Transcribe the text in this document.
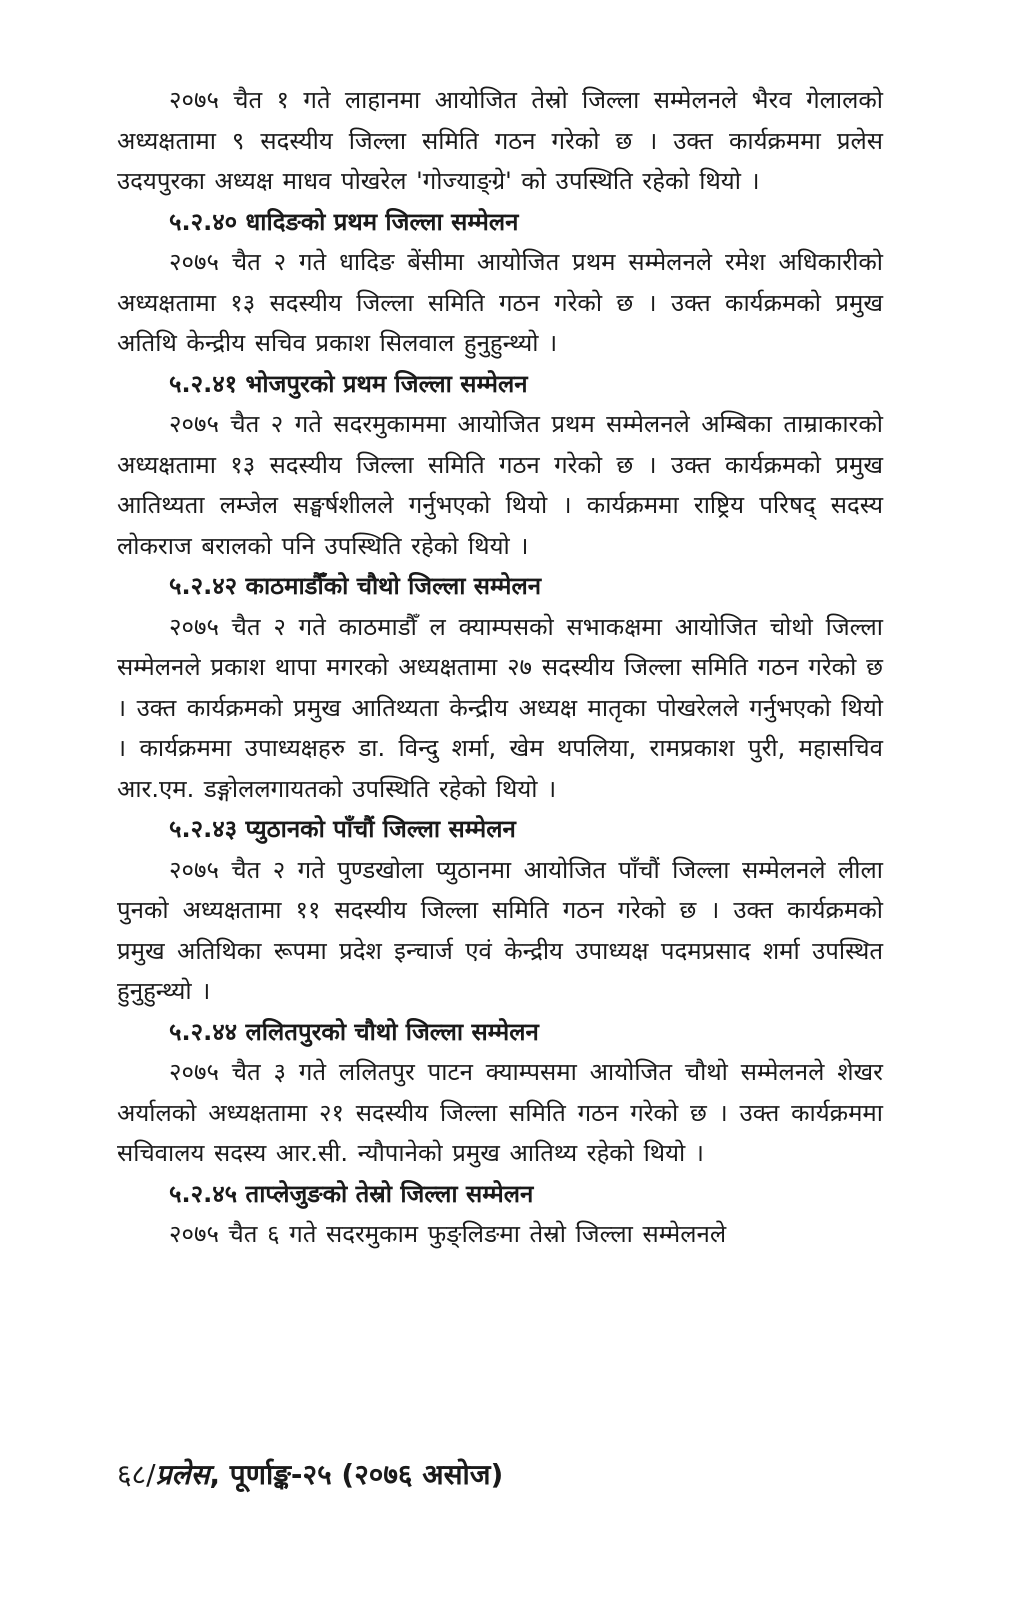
२०७५ चैत १ गते लाहानमा आयोजित तेस्रो जिल्ला सम्मेलनले भैरव गेलालको अध्यक्षतामा ९ सदस्यीय जिल्ला समिति गठन गरेको छ । उक्त कार्यक्रममा प्रलेस उदयपुरका अध्यक्ष माधव पोखरेल 'गोज्याङ्ग्रे' को उपस्थिति रहेको थियो ।

५.२.४० धादिङको प्रथम जिल्ला सम्मेलन

२०७५ चैत २ गते धादिङ बेंसीमा आयोजित प्रथम सम्मेलनले रमेश अधिकारीको अध्यक्षतामा १३ सदस्यीय जिल्ला समिति गठन गरेको छ । उक्त कार्यक्रमको प्रमुख अतिथि केन्द्रीय सचिव प्रकाश सिलवाल हुनुहुन्थ्यो ।

५.२.४१ भोजपुरको प्रथम जिल्ला सम्मेलन

२०७५ चैत २ गते सदरमुकाममा आयोजित प्रथम सम्मेलनले अम्बिका ताम्राकारको अध्यक्षतामा १३ सदस्यीय जिल्ला समिति गठन गरेको छ । उक्त कार्यक्रमको प्रमुख आतिथ्यता लम्जेल सङ्घर्षशीलले गर्नुभएको थियो । कार्यक्रममा राष्ट्रिय परिषद् सदस्य लोकराज बरालको पनि उपस्थिति रहेको थियो ।

५.२.४२ काठमाडौँको चौथो जिल्ला सम्मेलन

२०७५ चैत २ गते काठमाडौँ ल क्याम्पसको सभाकक्षमा आयोजित चोथो जिल्ला सम्मेलनले प्रकाश थापा मगरको अध्यक्षतामा २७ सदस्यीय जिल्ला समिति गठन गरेको छ । उक्त कार्यक्रमको प्रमुख आतिथ्यता केन्द्रीय अध्यक्ष मातृका पोखरेलले गर्नुभएको थियो । कार्यक्रममा उपाध्यक्षहरु डा. विन्दु शर्मा, खेम थपलिया, रामप्रकाश पुरी, महासचिव आर.एम. डङ्गोललगायतको उपस्थिति रहेको थियो ।

५.२.४३ प्युठानको पाँचौं जिल्ला सम्मेलन

२०७५ चैत २ गते पुण्डखोला प्युठानमा आयोजित पाँचौं जिल्ला सम्मेलनले लीला पुनको अध्यक्षतामा ११ सदस्यीय जिल्ला समिति गठन गरेको छ । उक्त कार्यक्रमको प्रमुख अतिथिका रूपमा प्रदेश इन्चार्ज एवं केन्द्रीय उपाध्यक्ष पदमप्रसाद शर्मा उपस्थित हुनुहुन्थ्यो ।

५.२.४४ ललितपुरको चौथो जिल्ला सम्मेलन

२०७५ चैत ३ गते ललितपुर पाटन क्याम्पसमा आयोजित चौथो सम्मेलनले शेखर अर्यालको अध्यक्षतामा २१ सदस्यीय जिल्ला समिति गठन गरेको छ । उक्त कार्यक्रममा सचिवालय सदस्य आर.सी. न्यौपानेको प्रमुख आतिथ्य रहेको थियो ।

५.२.४५ ताप्लेजुङको तेस्रो जिल्ला सम्मेलन

२०७५ चैत ६ गते सदरमुकाम फुङ्लिङमा तेस्रो जिल्ला सम्मेलनले

६८/प्रलेस, पूर्णाङ्क-२५ (२०७६ असोज)
